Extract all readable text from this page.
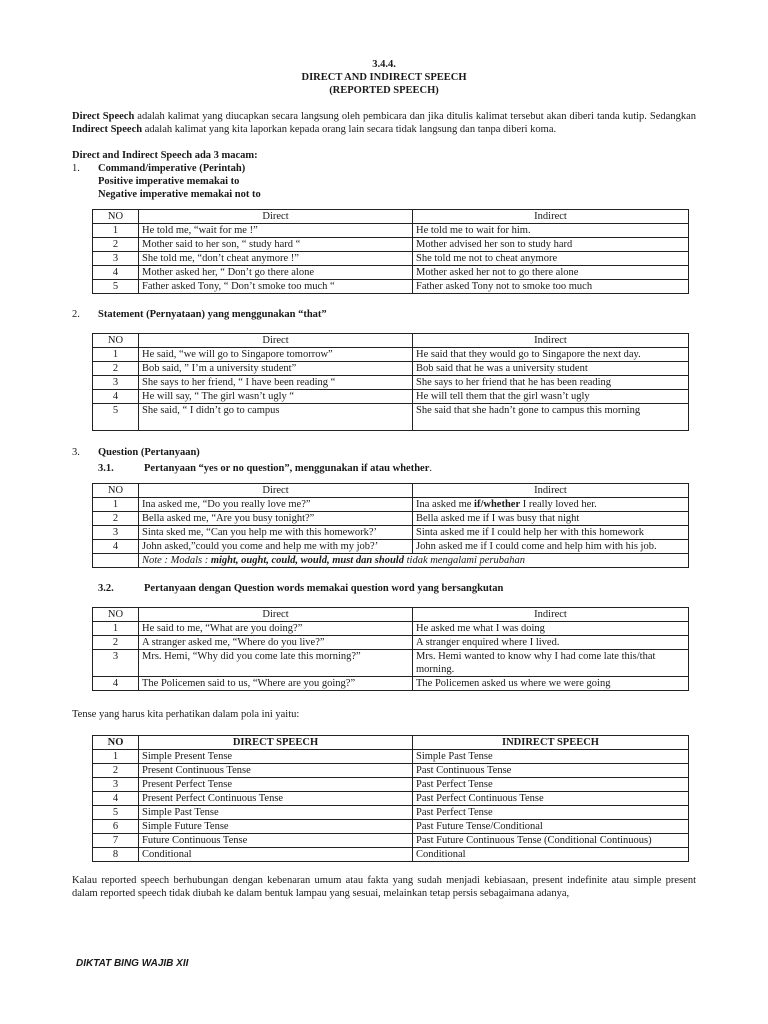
3.4.4.
DIRECT AND INDIRECT SPEECH
(REPORTED SPEECH)

Direct Speech adalah kalimat yang diucapkan secara langsung oleh pembicara dan jika ditulis kalimat tersebut akan diberi tanda kutip. Sedangkan Indirect Speech adalah kalimat yang kita laporkan kepada orang lain secara tidak langsung dan tanpa diberi koma.

Direct and Indirect Speech ada 3 macam:
1.	Command/imperative (Perintah)
Positive imperative memakai to
Negative imperative memakai not to
NO	Direct	Indirect
1	He told me, “wait for me !”	He told me to wait for him.
2	Mother said to her son, “ study hard “	Mother advised her son to study hard
3	She told me, “don’t cheat anymore !”	She told me not to cheat anymore
4	Mother asked her, “ Don’t go there alone	Mother asked her not to go there alone
5	Father asked Tony, “ Don’t smoke too much “	Father asked Tony not to smoke too much
2.	Statement (Pernyataan) yang menggunakan “that”
NO	Direct	Indirect
1	He said, “we will go to Singapore tomorrow”	He said that they would go to Singapore the next day.
2	Bob said, ” I’m a university student”	Bob said that he was a university student
3	She says to her friend, “ I have been reading “	She says to her friend that he has been reading
4	He will say, “ The girl wasn’t ugly “	He will tell them that the girl wasn’t ugly
5	She said, “ I didn’t go to campus	She said that she hadn’t gone to campus this morning
3.	Question (Pertanyaan)
3.1.	Pertanyaan “yes or no question”, menggunakan if atau whether .
NO	Direct	Indirect
1	Ina asked me, “Do you really love me?”	Ina asked me if/whether I really loved her.
2	Bella asked me, “Are you busy tonight?”	Bella asked me if I was busy that night
3	Sinta sked me, “Can you help me with this homework?’	Sinta asked me if I could help her with this homework
4	John asked,”could you come and help me with my job?’	John asked me if I could come and help him with his job.
	Note : Modals : might, ought, could, would, must dan should tidak mengalami perubahan	
3.2.	Pertanyaan dengan Question words memakai question word yang bersangkutan
NO	Direct	Indirect
1	He said to me, “What are you doing?”	He asked me what I was doing
2	A stranger asked me, “Where do you live?”	A stranger enquired where I lived.
3	Mrs. Hemi, “Why did you come late this morning?”	Mrs. Hemi wanted to know why I had come late this/that morning.
4	The Policemen said to us, “Where are you going?”	The Policemen asked us where we were going
Tense yang harus kita perhatikan dalam pola ini yaitu:
NO	DIRECT SPEECH	INDIRECT SPEECH
1	Simple Present Tense	Simple Past Tense
2	Present Continuous Tense	Past Continuous Tense
3	Present Perfect Tense	Past Perfect Tense
4	Present Perfect Continuous Tense	Past Perfect Continuous Tense
5	Simple Past Tense	Past Perfect Tense
6	Simple Future Tense	Past Future Tense/Conditional
7	Future Continuous Tense	Past Future Continuous Tense (Conditional Continuous)
8	Conditional	Conditional

Kalau reported speech berhubungan dengan kebenaran umum atau fakta yang sudah menjadi kebiasaan, present indefinite atau simple present dalam reported speech tidak diubah ke dalam bentuk lampau yang sesuai, melainkan tetap persis sebagaimana adanya,

DIKTAT BING WAJIB XII
